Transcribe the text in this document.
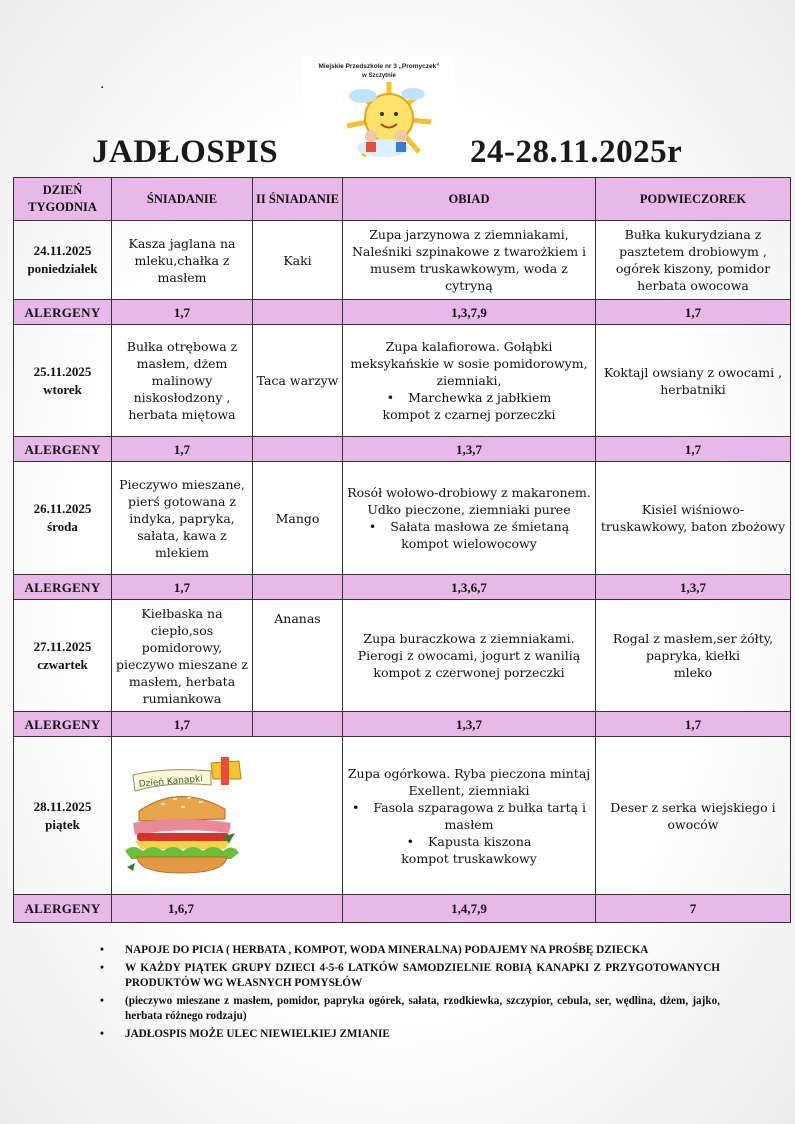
.
Miejskie Przedszkole nr 3 „Promyczek”
w Szczytnie
JADŁOSPIS	24-28.11.2025r
DZIEŃ TYGODNIA	ŚNIADANIE	II ŚNIADANIE	OBIAD	PODWIECZOREK
24.11.2025
poniedziałek	Kasza jaglana na mleku,chałka z masłem	Kaki	Zupa jarzynowa z ziemniakami, Naleśniki szpinakowe z twarożkiem i musem truskawkowym, woda z cytryną	Bułka kukurydziana z pasztetem drobiowym , ogórek kiszony, pomidor herbata owocowa
ALERGENY	1,7		1,3,7,9	1,7
25.11.2025
wtorek	Bułka otrębowa z masłem, dżem malinowy niskosłodzony , herbata miętowa	Taca warzyw	Zupa kalafiorowa. Gołąbki meksykańskie w sosie pomidorowym, ziemniaki,
• Marchewka z jabłkiem
kompot z czarnej porzeczki	Koktajl owsiany z owocami , herbatniki
ALERGENY	1,7		1,3,7	1,7
26.11.2025
środa	Pieczywo mieszane, pierś gotowana z indyka, papryka, sałata, kawa z mlekiem	Mango	Rosół wołowo-drobiowy z makaronem. Udko pieczone, ziemniaki puree
• Sałata masłowa ze śmietaną
kompot wielowocowy	Kisiel wiśniowo-truskawkowy, baton zbożowy
ALERGENY	1,7		1,3,6,7	1,3,7
27.11.2025
czwartek	Kiełbaska na ciepło,sos pomidorowy, pieczywo mieszane z masłem, herbata rumiankowa	Ananas	Zupa buraczkowa z ziemniakami. Pierogi z owocami, jogurt z wanilią kompot z czerwonej porzeczki	Rogal z masłem,ser żółty, papryka, kiełki
mleko
ALERGENY	1,7		1,3,7	1,7
28.11.2025
piątek	Dzień Kanapki		Zupa ogórkowa. Ryba pieczona mintaj Exellent, ziemniaki
• Fasola szparagowa z bułka tartą i masłem
• Kapusta kiszona
kompot truskawkowy	Deser z serka wiejskiego i owoców
ALERGENY	1,6,7		1,4,7,9	7
• NAPOJE DO PICIA ( HERBATA , KOMPOT, WODA MINERALNA) PODAJEMY NA PROŚBĘ DZIECKA
• W KAŻDY PIĄTEK GRUPY DZIECI 4-5-6 LATKÓW SAMODZIELNIE ROBIĄ KANAPKI Z PRZYGOTOWANYCH PRODUKTÓW WG WŁASNYCH POMYSŁÓW
• (pieczywo mieszane z masłem, pomidor, papryka ogórek, sałata, rzodkiewka, szczypior, cebula, ser, wędlina, dżem, jajko, herbata różnego rodzaju)
• JADŁOSPIS MOŻE ULEC NIEWIELKIEJ ZMIANIE
